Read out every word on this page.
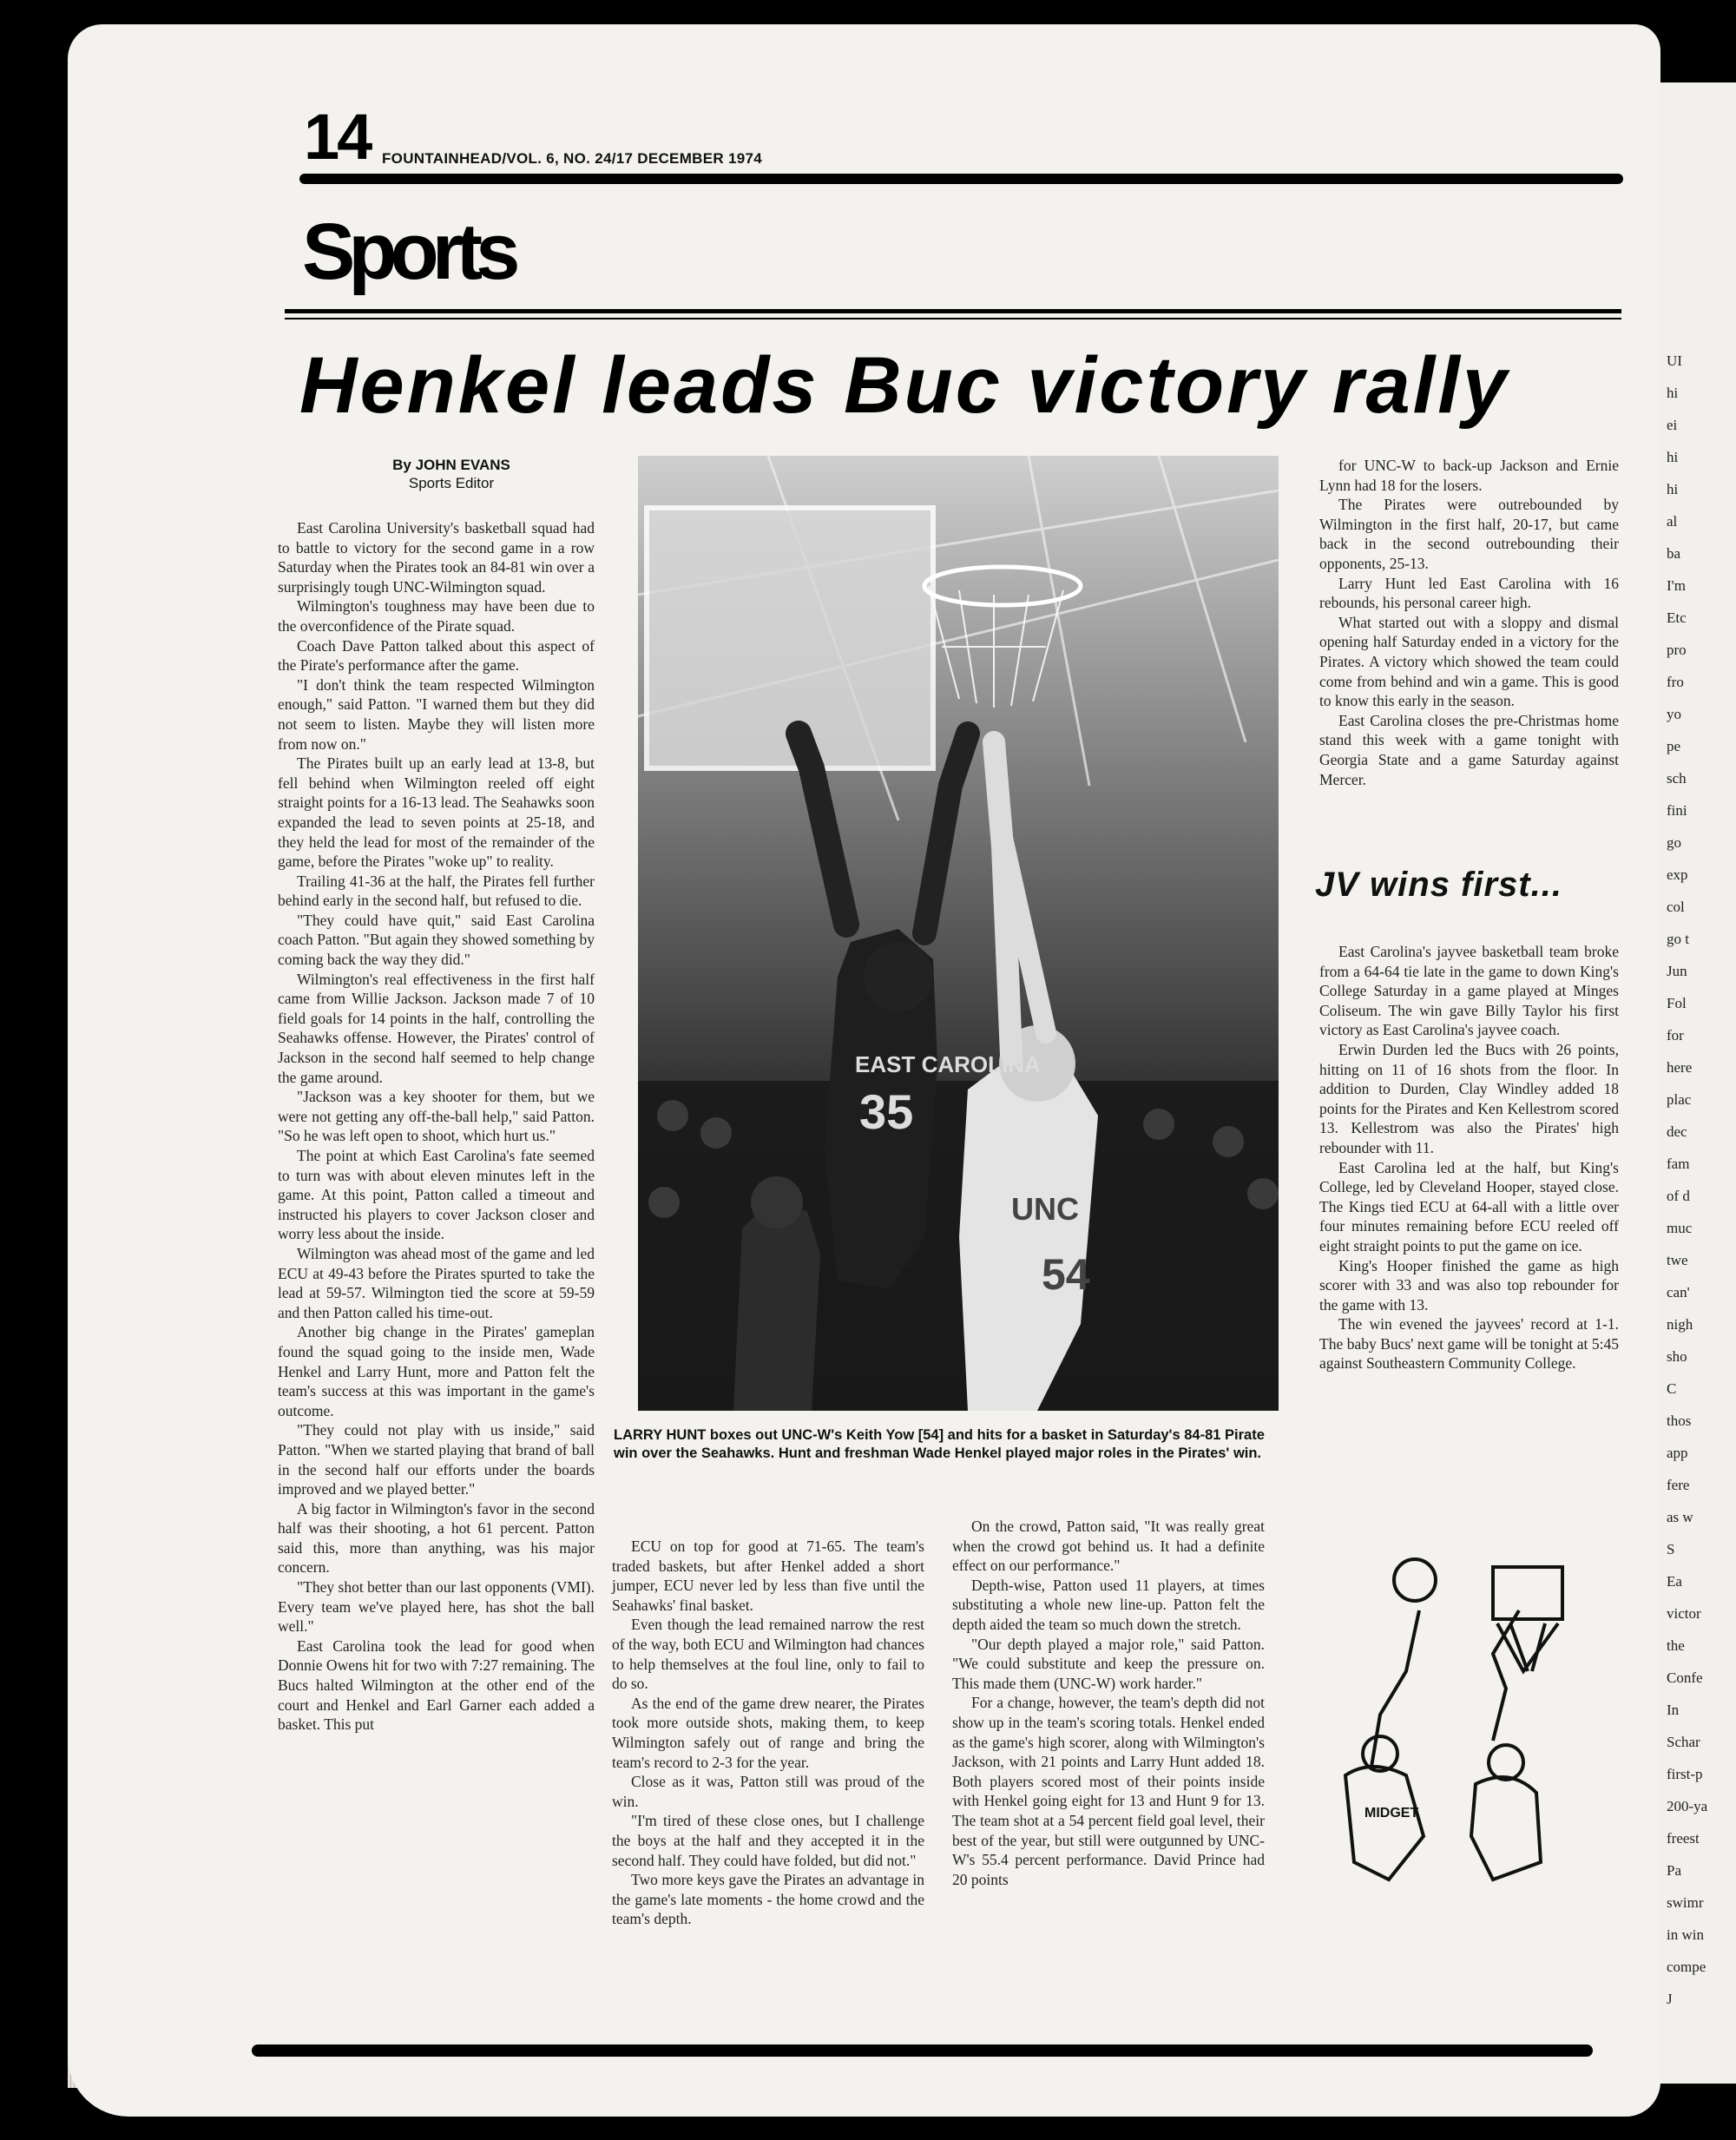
UI
hi
ei
hi
hi
al
ba
I'm
Etc
pro
fro
yo
pe
sch
fini
go
exp
col
go t
Jun
Fol
for
here
plac
dec
fam
of d
muc
twe
can'
nigh
sho
C
thos
app
fere
as w
S
Ea
victor
the
Confe
In
Schar
first-p
200-ya
freest
Pa
swimr
in win
compe
J
14 FOUNTAINHEAD/VOL. 6, NO. 24/17 DECEMBER 1974
Sports
Henkel leads Buc victory rally
By JOHN EVANS
Sports Editor

East Carolina University's basketball squad had to battle to victory for the second game in a row Saturday when the Pirates took an 84-81 win over a surprisingly tough UNC-Wilmington squad.

Wilmington's toughness may have been due to the overconfidence of the Pirate squad.

Coach Dave Patton talked about this aspect of the Pirate's performance after the game.

"I don't think the team respected Wilmington enough," said Patton. "I warned them but they did not seem to listen. Maybe they will listen more from now on."

The Pirates built up an early lead at 13-8, but fell behind when Wilmington reeled off eight straight points for a 16-13 lead. The Seahawks soon expanded the lead to seven points at 25-18, and they held the lead for most of the remainder of the game, before the Pirates "woke up" to reality.

Trailing 41-36 at the half, the Pirates fell further behind early in the second half, but refused to die.

"They could have quit," said East Carolina coach Patton. "But again they showed something by coming back the way they did."

Wilmington's real effectiveness in the first half came from Willie Jackson. Jackson made 7 of 10 field goals for 14 points in the half, controlling the Seahawks offense. However, the Pirates' control of Jackson in the second half seemed to help change the game around.

"Jackson was a key shooter for them, but we were not getting any off-the-ball help," said Patton. "So he was left open to shoot, which hurt us."

The point at which East Carolina's fate seemed to turn was with about eleven minutes left in the game. At this point, Patton called a timeout and instructed his players to cover Jackson closer and worry less about the inside.

Wilmington was ahead most of the game and led ECU at 49-43 before the Pirates spurted to take the lead at 59-57. Wilmington tied the score at 59-59 and then Patton called his time-out.

Another big change in the Pirates' gameplan found the squad going to the inside men, Wade Henkel and Larry Hunt, more and Patton felt the team's success at this was important in the game's outcome.

"They could not play with us inside," said Patton. "When we started playing that brand of ball in the second half our efforts under the boards improved and we played better."

A big factor in Wilmington's favor in the second half was their shooting, a hot 61 percent. Patton said this, more than anything, was his major concern.

"They shot better than our last opponents (VMI). Every team we've played here, has shot the ball well."

East Carolina took the lead for good when Donnie Owens hit for two with 7:27 remaining. The Bucs halted Wilmington at the other end of the court and Henkel and Earl Garner each added a basket. This put

ECU on top for good at 71-65. The team's traded baskets, but after Henkel added a short jumper, ECU never led by less than five until the Seahawks' final basket.

Even though the lead remained narrow the rest of the way, both ECU and Wilmington had chances to help themselves at the foul line, only to fail to do so.

As the end of the game drew nearer, the Pirates took more outside shots, making them, to keep Wilmington safely out of range and bring the team's record to 2-3 for the year.

Close as it was, Patton still was proud of the win.

"I'm tired of these close ones, but I challenge the boys at the half and they accepted it in the second half. They could have folded, but did not."

Two more keys gave the Pirates an advantage in the game's late moments - the home crowd and the team's depth.

On the crowd, Patton said, "It was really great when the crowd got behind us. It had a definite effect on our performance."

Depth-wise, Patton used 11 players, at times substituting a whole new line-up. Patton felt the depth aided the team so much down the stretch.

"Our depth played a major role," said Patton. "We could substitute and keep the pressure on. This made them (UNC-W) work harder."

For a change, however, the team's depth did not show up in the team's scoring totals. Henkel ended as the game's high scorer, along with Wilmington's Jackson, with 21 points and Larry Hunt added 18. Both players scored most of their points inside with Henkel going eight for 13 and Hunt 9 for 13. The team shot at a 54 percent field goal level, their best of the year, but still were outgunned by UNC-W's 55.4 percent performance. David Prince had 20 points

for UNC-W to back-up Jackson and Ernie Lynn had 18 for the losers.

The Pirates were outrebounded by Wilmington in the first half, 20-17, but came back in the second outrebounding their opponents, 25-13.

Larry Hunt led East Carolina with 16 rebounds, his personal career high.

What started out with a sloppy and dismal opening half Saturday ended in a victory for the Pirates. A victory which showed the team could come from behind and win a game. This is good to know this early in the season.

East Carolina closes the pre-Christmas home stand this week with a game tonight with Georgia State and a game Saturday against Mercer.

EAST CAROLINA
35
UNC
54
LARRY HUNT boxes out UNC-W's Keith Yow [54] and hits for a basket in Saturday's 84-81 Pirate win over the Seahawks. Hunt and freshman Wade Henkel played major roles in the Pirates' win.
JV wins first...

East Carolina's jayvee basketball team broke from a 64-64 tie late in the game to down King's College Saturday in a game played at Minges Coliseum. The win gave Billy Taylor his first victory as East Carolina's jayvee coach.

Erwin Durden led the Bucs with 26 points, hitting on 11 of 16 shots from the floor. In addition to Durden, Clay Windley added 18 points for the Pirates and Ken Kellestrom scored 13. Kellestrom was also the Pirates' high rebounder with 11.

East Carolina led at the half, but King's College, led by Cleveland Hooper, stayed close. The Kings tied ECU at 64-all with a little over four minutes remaining before ECU reeled off eight straight points to put the game on ice.

King's Hooper finished the game as high scorer with 33 and was also top rebounder for the game with 13.

The win evened the jayvees' record at 1-1. The baby Bucs' next game will be tonight at 5:45 against Southeastern Community College.

MIDGET
